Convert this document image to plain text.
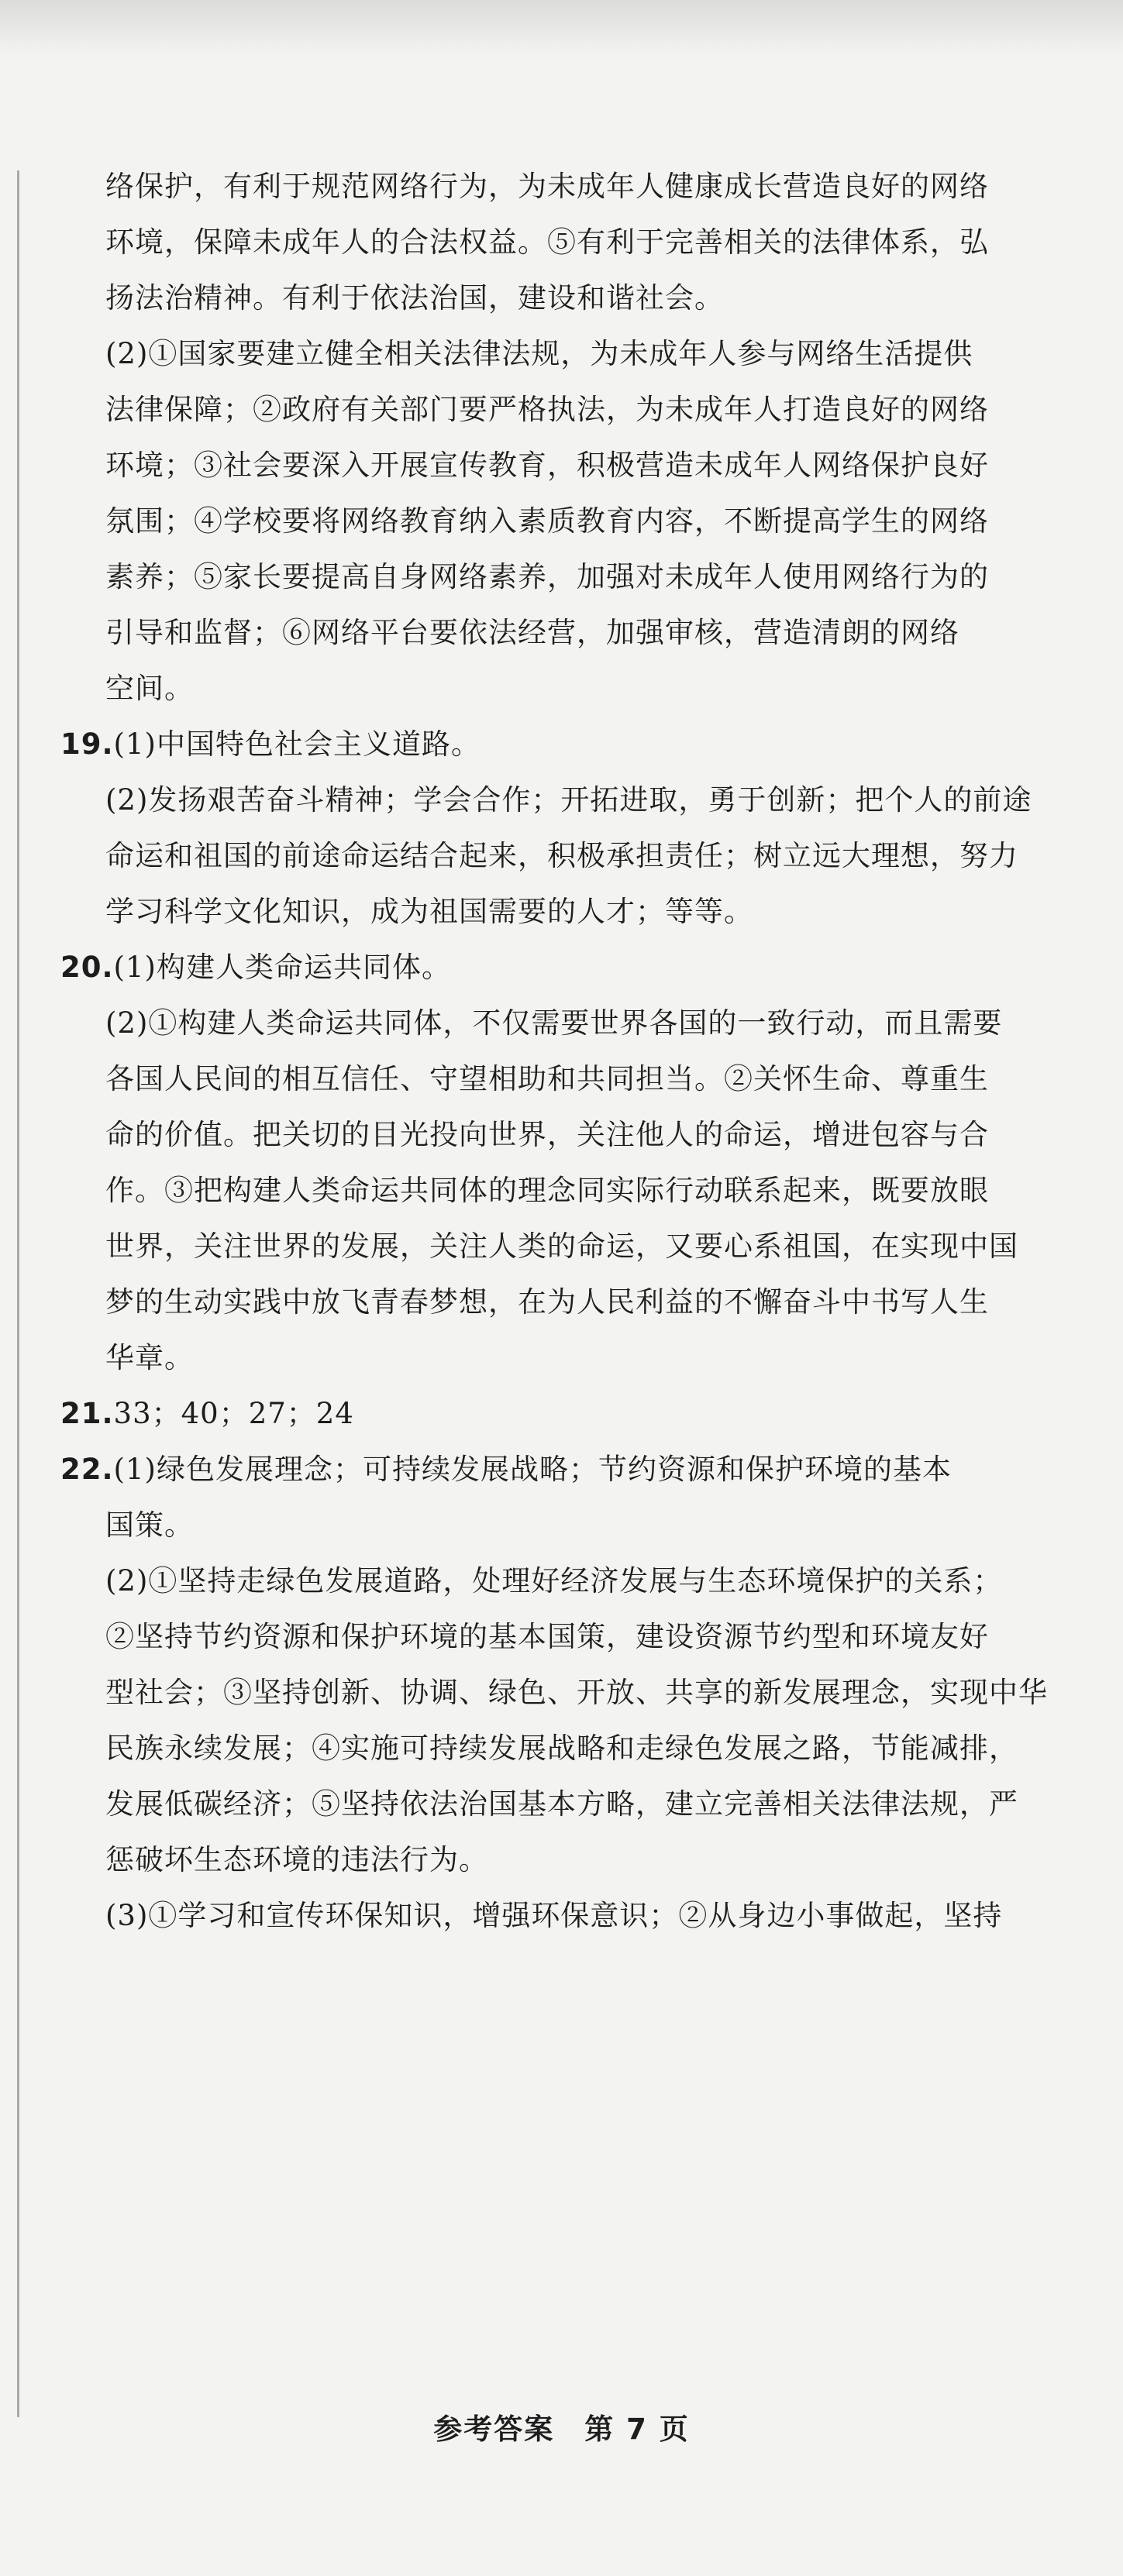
络保护，有利于规范网络行为，为未成年人健康成长营造良好的网络
环境，保障未成年人的合法权益。⑤有利于完善相关的法律体系，弘
扬法治精神。有利于依法治国，建设和谐社会。
(2)①国家要建立健全相关法律法规，为未成年人参与网络生活提供
法律保障；②政府有关部门要严格执法，为未成年人打造良好的网络
环境；③社会要深入开展宣传教育，积极营造未成年人网络保护良好
氛围；④学校要将网络教育纳入素质教育内容，不断提高学生的网络
素养；⑤家长要提高自身网络素养，加强对未成年人使用网络行为的
引导和监督；⑥网络平台要依法经营，加强审核，营造清朗的网络
空间。
19.(1)中国特色社会主义道路。
(2)发扬艰苦奋斗精神；学会合作；开拓进取，勇于创新；把个人的前途
命运和祖国的前途命运结合起来，积极承担责任；树立远大理想，努力
学习科学文化知识，成为祖国需要的人才；等等。
20.(1)构建人类命运共同体。
(2)①构建人类命运共同体，不仅需要世界各国的一致行动，而且需要
各国人民间的相互信任、守望相助和共同担当。②关怀生命、尊重生
命的价值。把关切的目光投向世界，关注他人的命运，增进包容与合
作。③把构建人类命运共同体的理念同实际行动联系起来，既要放眼
世界，关注世界的发展，关注人类的命运，又要心系祖国，在实现中国
梦的生动实践中放飞青春梦想，在为人民利益的不懈奋斗中书写人生
华章。
21.33；40；27；24
22.(1)绿色发展理念；可持续发展战略；节约资源和保护环境的基本
国策。
(2)①坚持走绿色发展道路，处理好经济发展与生态环境保护的关系；
②坚持节约资源和保护环境的基本国策，建设资源节约型和环境友好
型社会；③坚持创新、协调、绿色、开放、共享的新发展理念，实现中华
民族永续发展；④实施可持续发展战略和走绿色发展之路，节能减排，
发展低碳经济；⑤坚持依法治国基本方略，建立完善相关法律法规，严
惩破坏生态环境的违法行为。
(3)①学习和宣传环保知识，增强环保意识；②从身边小事做起，坚持
参考答案　第 7 页
